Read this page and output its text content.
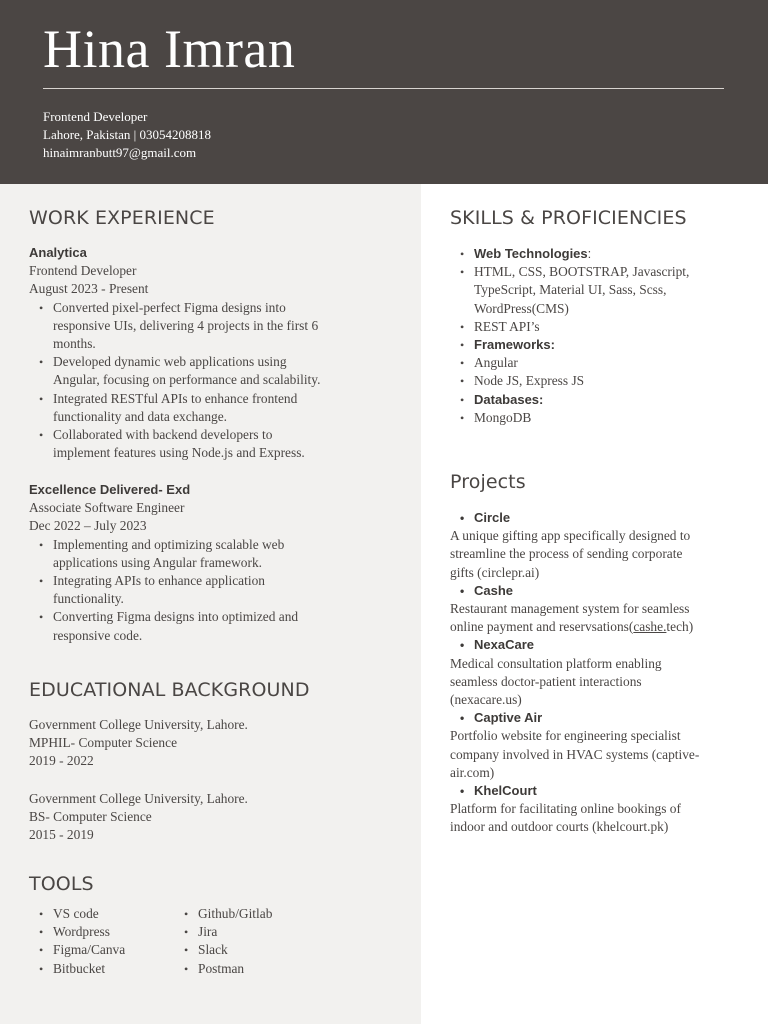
Hina Imran
Frontend Developer
Lahore, Pakistan | 03054208818
hinaimranbutt97@gmail.com
WORK EXPERIENCE
Analytica
Frontend Developer
August 2023 - Present
• Converted pixel-perfect Figma designs into
responsive UIs, delivering 4 projects in the first 6
months.
• Developed dynamic web applications using
Angular, focusing on performance and scalability.
• Integrated RESTful APIs to enhance frontend
functionality and data exchange.
• Collaborated with backend developers to
implement features using Node.js and Express.
Excellence Delivered- Exd
Associate Software Engineer
Dec 2022 – July 2023
• Implementing and optimizing scalable web
applications using Angular framework.
• Integrating APIs to enhance application
functionality.
• Converting Figma designs into optimized and
responsive code.
EDUCATIONAL BACKGROUND
Government College University, Lahore.
MPHIL- Computer Science
2019 - 2022
Government College University, Lahore.
BS- Computer Science
2015 - 2019
TOOLS
• VS code
• Wordpress
• Figma/Canva
• Bitbucket
• Github/Gitlab
• Jira
• Slack
• Postman
SKILLS & PROFICIENCIES
• Web Technologies:
• HTML, CSS, BOOTSTRAP, Javascript,
TypeScript, Material UI, Sass, Scss,
WordPress(CMS)
• REST API’s
• Frameworks:
• Angular
• Node JS, Express JS
• Databases:
• MongoDB
Projects
• Circle
A unique gifting app specifically designed to
streamline the process of sending corporate
gifts (circlepr.ai)
• Cashe
Restaurant management system for seamless
online payment and reservsations(cashe.tech)
• NexaCare
Medical consultation platform enabling
seamless doctor-patient interactions
(nexacare.us)
• Captive Air
Portfolio website for engineering specialist
company involved in HVAC systems (captive-
air.com)
• KhelCourt
Platform for facilitating online bookings of
indoor and outdoor courts (khelcourt.pk)
